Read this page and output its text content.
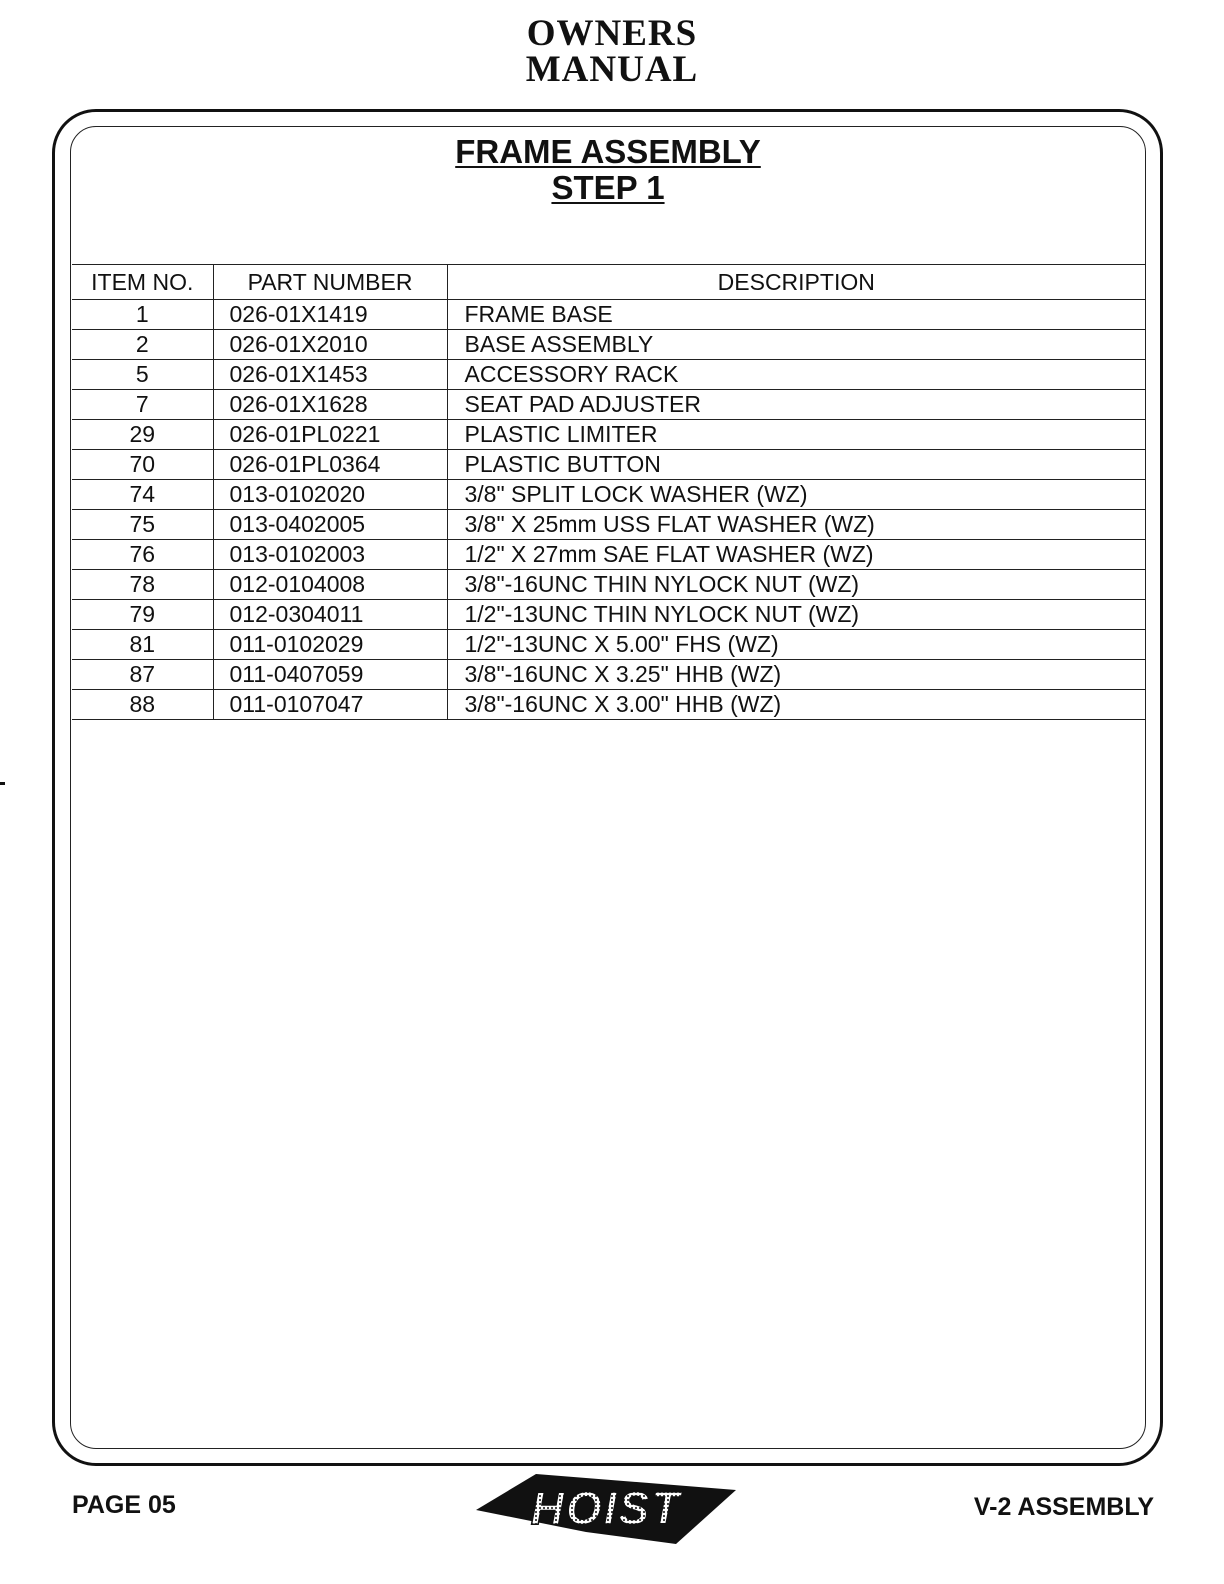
OWNERS
MANUAL
FRAME ASSEMBLY
STEP 1
ITEM NO.	PART NUMBER	DESCRIPTION
1	026-01X1419	FRAME BASE
2	026-01X2010	BASE ASSEMBLY
5	026-01X1453	ACCESSORY RACK
7	026-01X1628	SEAT PAD ADJUSTER
29	026-01PL0221	PLASTIC LIMITER
70	026-01PL0364	PLASTIC BUTTON
74	013-0102020	3/8" SPLIT LOCK WASHER (WZ)
75	013-0402005	3/8" X 25mm USS FLAT WASHER (WZ)
76	013-0102003	1/2" X 27mm SAE FLAT WASHER (WZ)
78	012-0104008	3/8"-16UNC THIN NYLOCK NUT (WZ)
79	012-0304011	1/2"-13UNC THIN NYLOCK NUT (WZ)
81	011-0102029	1/2"-13UNC X 5.00" FHS (WZ)
87	011-0407059	3/8"-16UNC X 3.25" HHB (WZ)
88	011-0107047	3/8"-16UNC X 3.00" HHB (WZ)
PAGE 05	HOIST	V-2 ASSEMBLY
